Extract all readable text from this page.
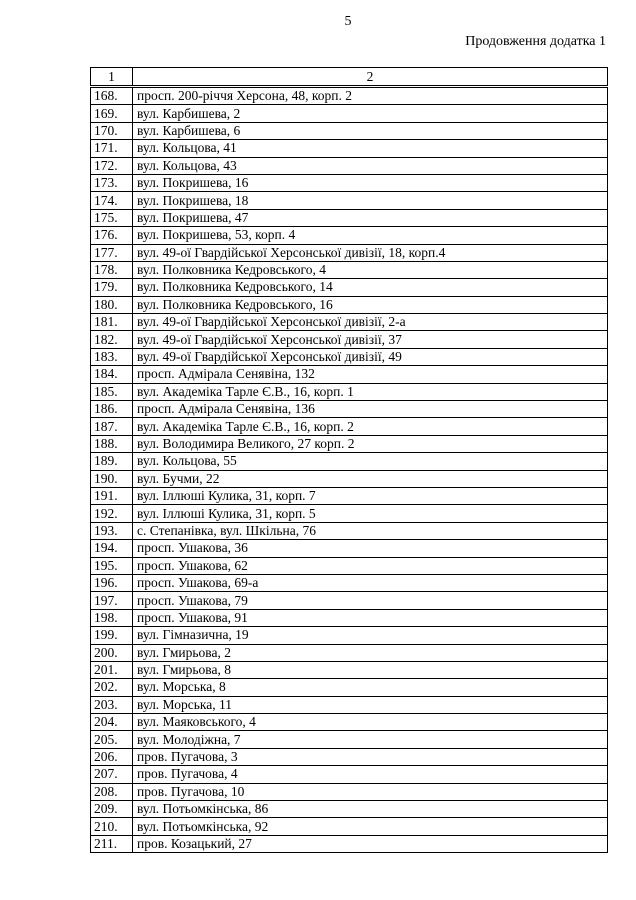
5
Продовження додатка 1
1	2
168.	просп. 200-річчя Херсона, 48, корп. 2
169.	вул. Карбишева, 2
170.	вул. Карбишева, 6
171.	вул. Кольцова, 41
172.	вул. Кольцова, 43
173.	вул. Покришева, 16
174.	вул. Покришева, 18
175.	вул. Покришева, 47
176.	вул. Покришева, 53, корп. 4
177.	вул. 49-ої Гвардійської Херсонської дивізії, 18, корп.4
178.	вул. Полковника Кедровського, 4
179.	вул. Полковника Кедровського, 14
180.	вул. Полковника Кедровського, 16
181.	вул. 49-ої Гвардійської Херсонської дивізії, 2-а
182.	вул. 49-ої Гвардійської Херсонської дивізії, 37
183.	вул. 49-ої Гвардійської Херсонської дивізії, 49
184.	просп. Адмірала Сенявіна, 132
185.	вул. Академіка Тарле Є.В., 16, корп. 1
186.	просп. Адмірала Сенявіна, 136
187.	вул. Академіка Тарле Є.В., 16, корп. 2
188.	вул. Володимира Великого, 27 корп. 2
189.	вул. Кольцова, 55
190.	вул. Бучми, 22
191.	вул. Іллюші Кулика, 31, корп. 7
192.	вул. Іллюші Кулика, 31, корп. 5
193.	с. Степанівка, вул. Шкільна, 76
194.	просп. Ушакова, 36
195.	просп. Ушакова, 62
196.	просп. Ушакова, 69-а
197.	просп. Ушакова, 79
198.	просп. Ушакова, 91
199.	вул. Гімназична, 19
200.	вул. Гмирьова, 2
201.	вул. Гмирьова, 8
202.	вул. Морська, 8
203.	вул. Морська, 11
204.	вул. Маяковського, 4
205.	вул. Молодіжна, 7
206.	пров. Пугачова, 3
207.	пров. Пугачова, 4
208.	пров. Пугачова, 10
209.	вул. Потьомкінська, 86
210.	вул. Потьомкінська, 92
211.	пров. Козацький, 27
